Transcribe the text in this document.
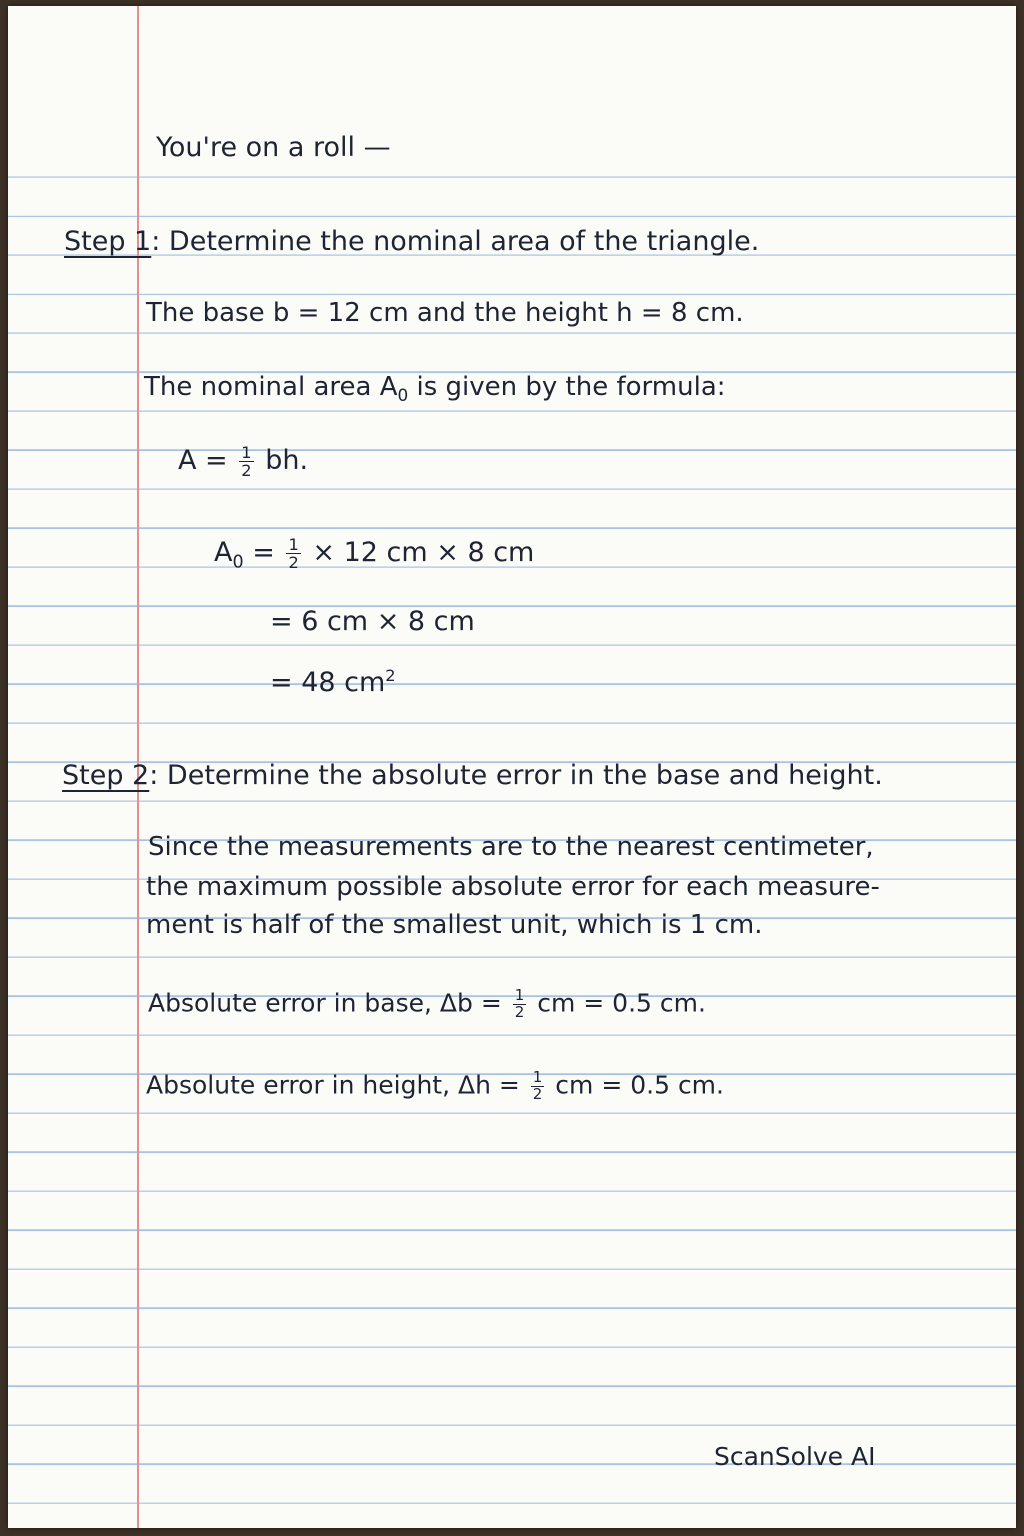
You're on a roll —
Step 1: Determine the nominal area of the triangle.
The base b = 12 cm and the height h = 8 cm.
The nominal area $A_0$ is given by the formula:
$A = \frac{1}{2}$ bh.
$A_0 = \frac{1}{2} \times 12$ cm × 8 cm
= 6 cm × 8 cm
= 48 $cm^2$
Step 2: Determine the absolute error in the base and height.
Since the measurements are to the nearest centimeter,
the maximum possible absolute error for each measure-
ment is half of the smallest unit, which is 1 cm.
Absolute error in base, $\Delta b = \frac{1}{2}$ cm = 0.5 cm.
Absolute error in height, $\Delta h = \frac{1}{2}$ cm = 0.5 cm.
ScanSolve AI
